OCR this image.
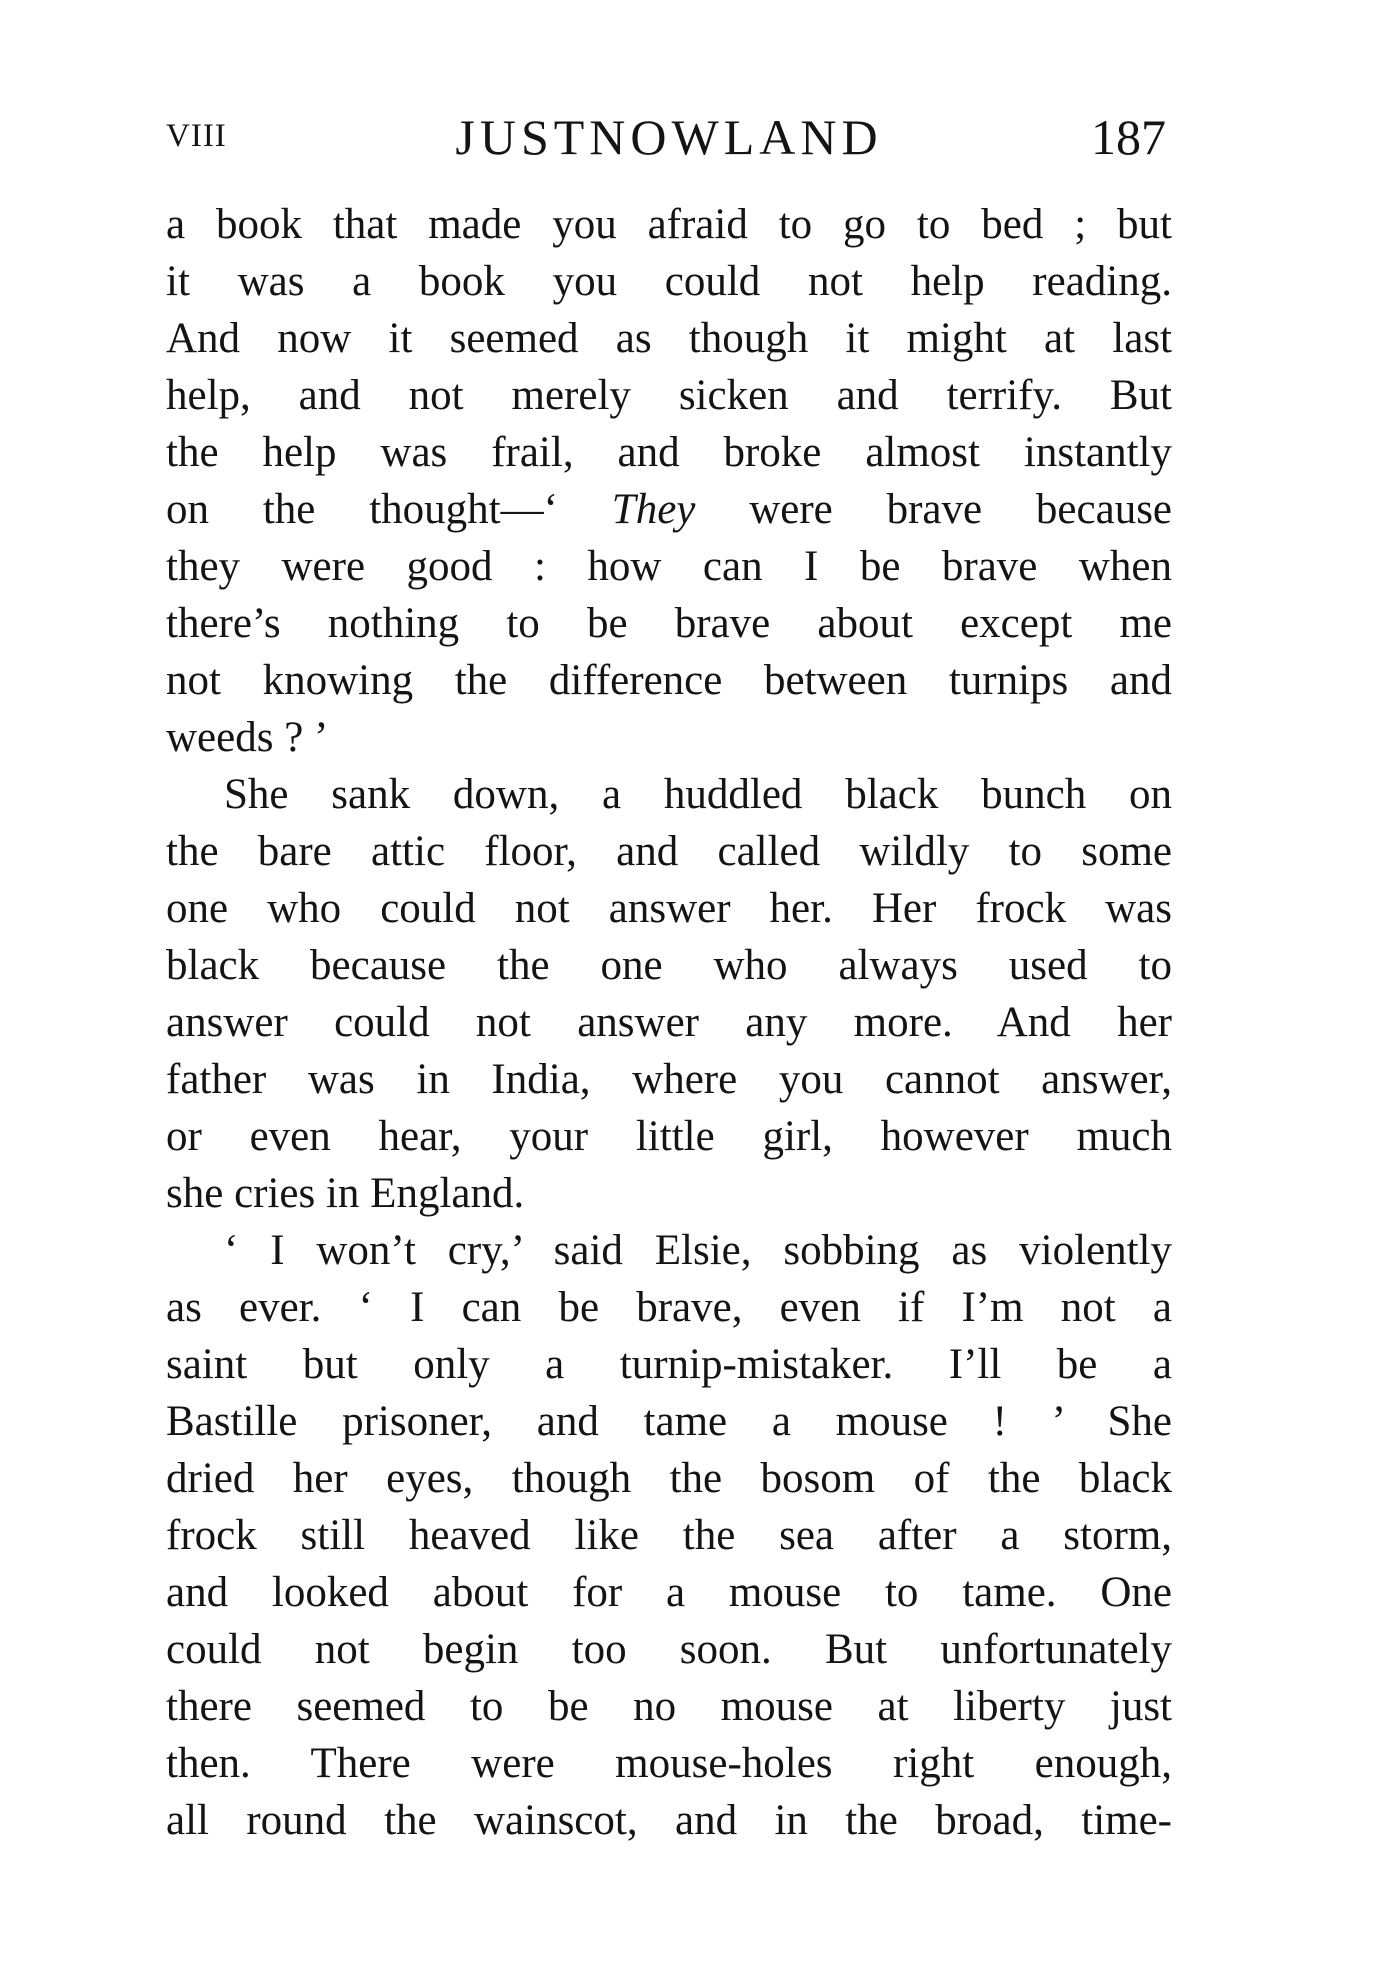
VIII	JUSTNOWLAND	187
a book that made you afraid to go to bed ; but
it was a book you could not help reading.
And now it seemed as though it might at last
help, and not merely sicken and terrify. But
the help was frail, and broke almost instantly
on the thought—‘ They were brave because
they were good : how can I be brave when
there’s nothing to be brave about except me
not knowing the difference between turnips and
weeds ? ’
She sank down, a huddled black bunch on
the bare attic floor, and called wildly to some
one who could not answer her. Her frock was
black because the one who always used to
answer could not answer any more. And her
father was in India, where you cannot answer,
or even hear, your little girl, however much
she cries in England.
‘ I won’t cry,’ said Elsie, sobbing as violently
as ever. ‘ I can be brave, even if I’m not a
saint but only a turnip-mistaker. I’ll be a
Bastille prisoner, and tame a mouse ! ’ She
dried her eyes, though the bosom of the black
frock still heaved like the sea after a storm,
and looked about for a mouse to tame. One
could not begin too soon. But unfortunately
there seemed to be no mouse at liberty just
then. There were mouse-holes right enough,
all round the wainscot, and in the broad, time-
